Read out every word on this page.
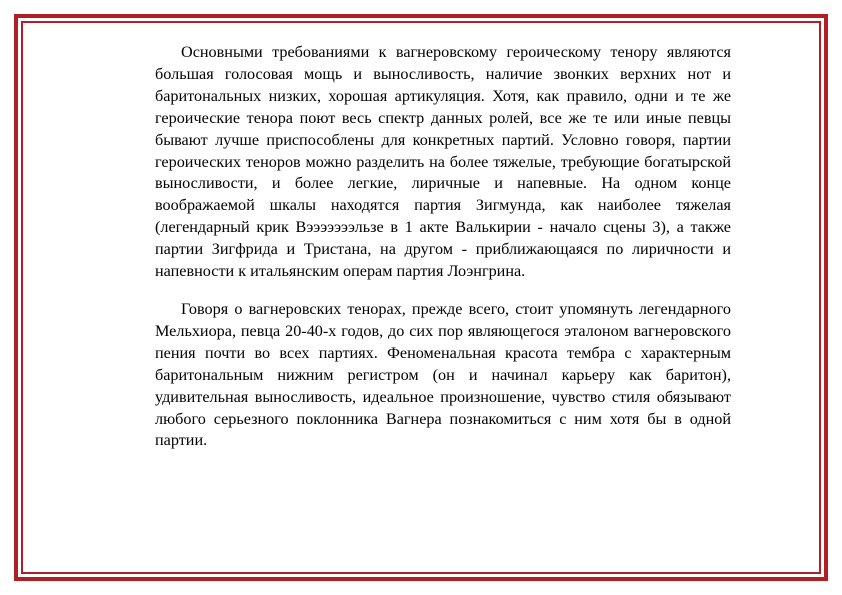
Основными требованиями к вагнеровскому героическому тенору являются большая голосовая мощь и выносливость, наличие звонких верхних нот и баритональных низких, хорошая артикуляция. Хотя, как правило, одни и те же героические тенора поют весь спектр данных ролей, все же те или иные певцы бывают лучше приспособлены для конкретных партий. Условно говоря, партии героических теноров можно разделить на более тяжелые, требующие богатырской выносливости, и более легкие, лиричные и напевные. На одном конце воображаемой шкалы находятся партия Зигмунда, как наиболее тяжелая (легендарный крик Вэээээээльзе в 1 акте Валькирии - начало сцены 3), а также партии Зигфрида и Тристана, на другом - приближающаяся по лиричности и напевности к итальянским операм партия Лоэнгрина.

Говоря о вагнеровских тенорах, прежде всего, стоит упомянуть легендарного Мельхиора, певца 20-40-х годов, до сих пор являющегося эталоном вагнеровского пения почти во всех партиях. Феноменальная красота тембра с характерным баритональным нижним регистром (он и начинал карьеру как баритон), удивительная выносливость, идеальное произношение, чувство стиля обязывают любого серьезного поклонника Вагнера познакомиться с ним хотя бы в одной партии.
